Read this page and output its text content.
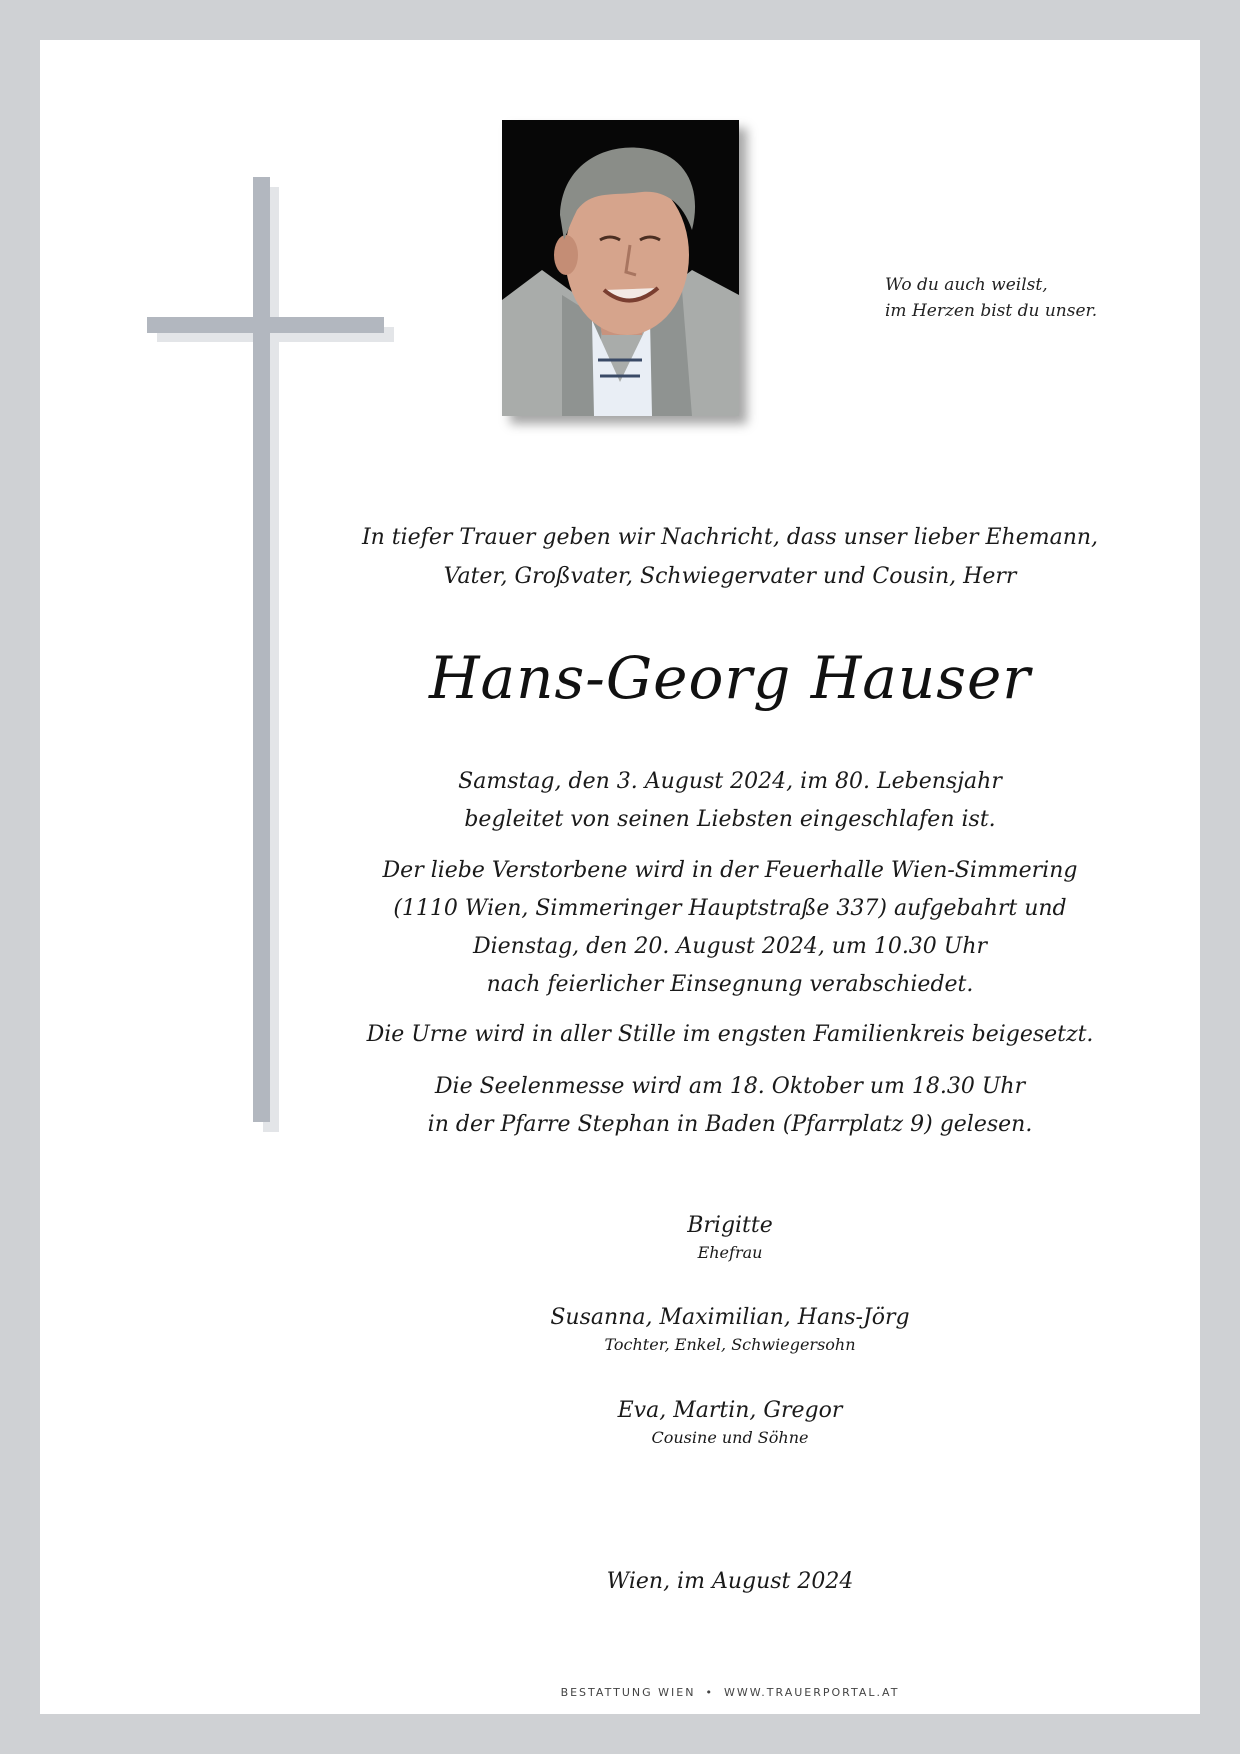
Wo du auch weilst,
im Herzen bist du unser.
In tiefer Trauer geben wir Nachricht, dass unser lieber Ehemann,
Vater, Großvater, Schwiegervater und Cousin, Herr
Hans-Georg Hauser
Samstag, den 3. August 2024, im 80. Lebensjahr
begleitet von seinen Liebsten eingeschlafen ist.
Der liebe Verstorbene wird in der Feuerhalle Wien-Simmering
(1110 Wien, Simmeringer Hauptstraße 337) aufgebahrt und
Dienstag, den 20. August 2024, um 10.30 Uhr
nach feierlicher Einsegnung verabschiedet.
Die Urne wird in aller Stille im engsten Familienkreis beigesetzt.
Die Seelenmesse wird am 18. Oktober um 18.30 Uhr
in der Pfarre Stephan in Baden (Pfarrplatz 9) gelesen.
Brigitte
Ehefrau
Susanna, Maximilian, Hans-Jörg
Tochter, Enkel, Schwiegersohn
Eva, Martin, Gregor
Cousine und Söhne
Wien, im August 2024
BESTATTUNG WIEN • WWW.TRAUERPORTAL.AT
